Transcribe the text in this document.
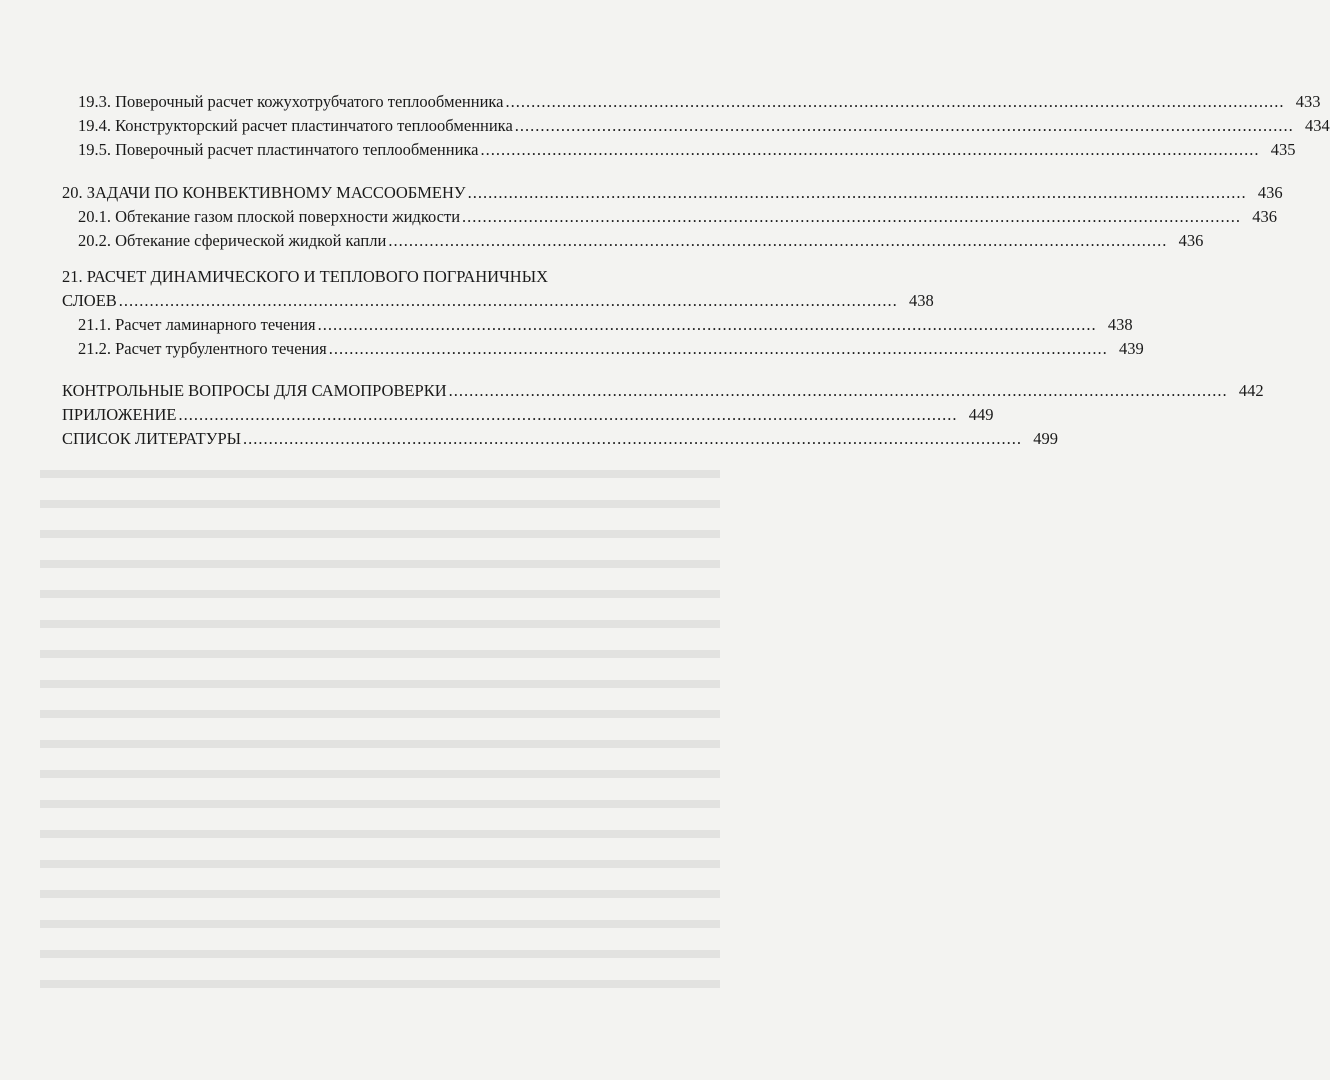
19.3. Поверочный расчет кожухотрубчатого теплообменника ........................................................................................................................................................ 433
19.4. Конструкторский расчет пластинчатого теплообменника ........................................................................................................................................................ 434
19.5. Поверочный расчет пластинчатого теплообменника ........................................................................................................................................................ 435
20. ЗАДАЧИ ПО КОНВЕКТИВНОМУ МАССООБМЕНУ ........................................................................................................................................................ 436
20.1. Обтекание газом плоской поверхности жидкости ........................................................................................................................................................ 436
20.2. Обтекание сферической жидкой капли ........................................................................................................................................................ 436
21. РАСЧЕТ ДИНАМИЧЕСКОГО И ТЕПЛОВОГО ПОГРАНИЧНЫХ
СЛОЕВ ........................................................................................................................................................ 438
21.1. Расчет ламинарного течения ........................................................................................................................................................ 438
21.2. Расчет турбулентного течения ........................................................................................................................................................ 439
КОНТРОЛЬНЫЕ ВОПРОСЫ ДЛЯ САМОПРОВЕРКИ ........................................................................................................................................................ 442
ПРИЛОЖЕНИЕ ........................................................................................................................................................ 449
СПИСОК ЛИТЕРАТУРЫ ........................................................................................................................................................ 499
